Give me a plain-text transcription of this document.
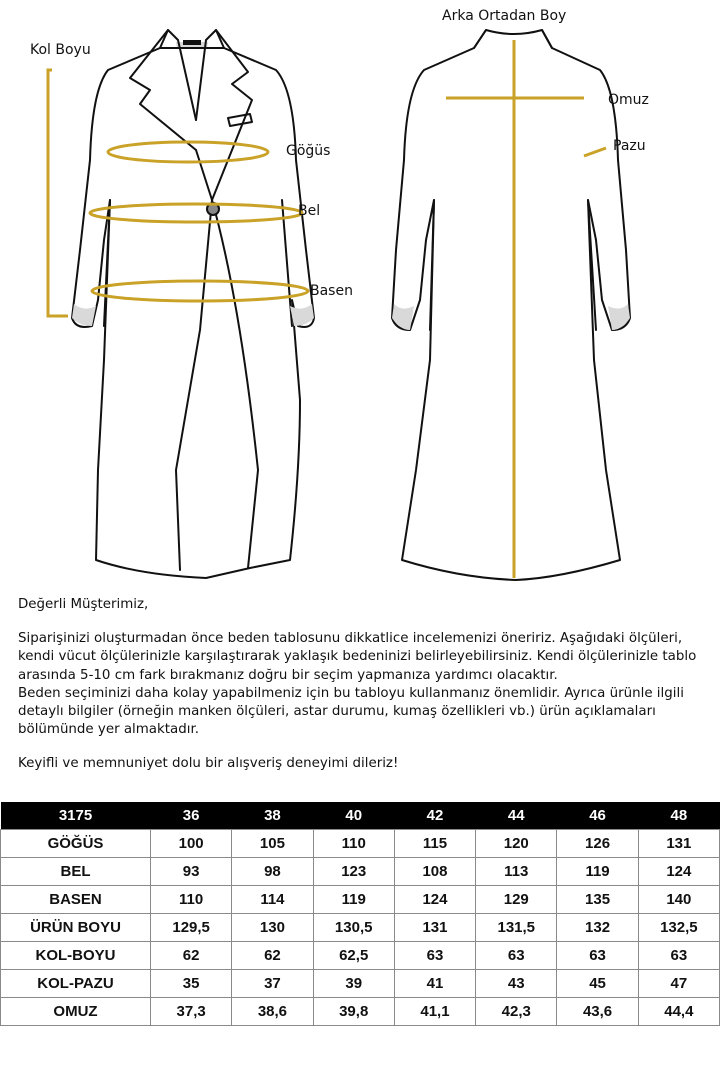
Kol Boyu
Göğüs
Bel
Basen
Arka Ortadan Boy
Omuz
Pazu

Değerli Müşterimiz,

Siparişinizi oluşturmadan önce beden tablosunu dikkatlice incelemenizi öneririz. Aşağıdaki ölçüleri, kendi vücut ölçülerinizle karşılaştırarak yaklaşık bedeninizi belirleyebilirsiniz. Kendi ölçülerinizle tablo arasında 5-10 cm fark bırakmanız doğru bir seçim yapmanıza yardımcı olacaktır.

Beden seçiminizi daha kolay yapabilmeniz için bu tabloyu kullanmanız önemlidir. Ayrıca ürünle ilgili detaylı bilgiler (örneğin manken ölçüleri, astar durumu, kumaş özellikleri vb.) ürün açıklamaları bölümünde yer almaktadır.

Keyifli ve memnuniyet dolu bir alışveriş deneyimi dileriz!

3175	36	38	40	42	44	46	48
GÖĞÜS	100	105	110	115	120	126	131
BEL	93	98	123	108	113	119	124
BASEN	110	114	119	124	129	135	140
ÜRÜN BOYU	129,5	130	130,5	131	131,5	132	132,5
KOL-BOYU	62	62	62,5	63	63	63	63
KOL-PAZU	35	37	39	41	43	45	47
OMUZ	37,3	38,6	39,8	41,1	42,3	43,6	44,4
